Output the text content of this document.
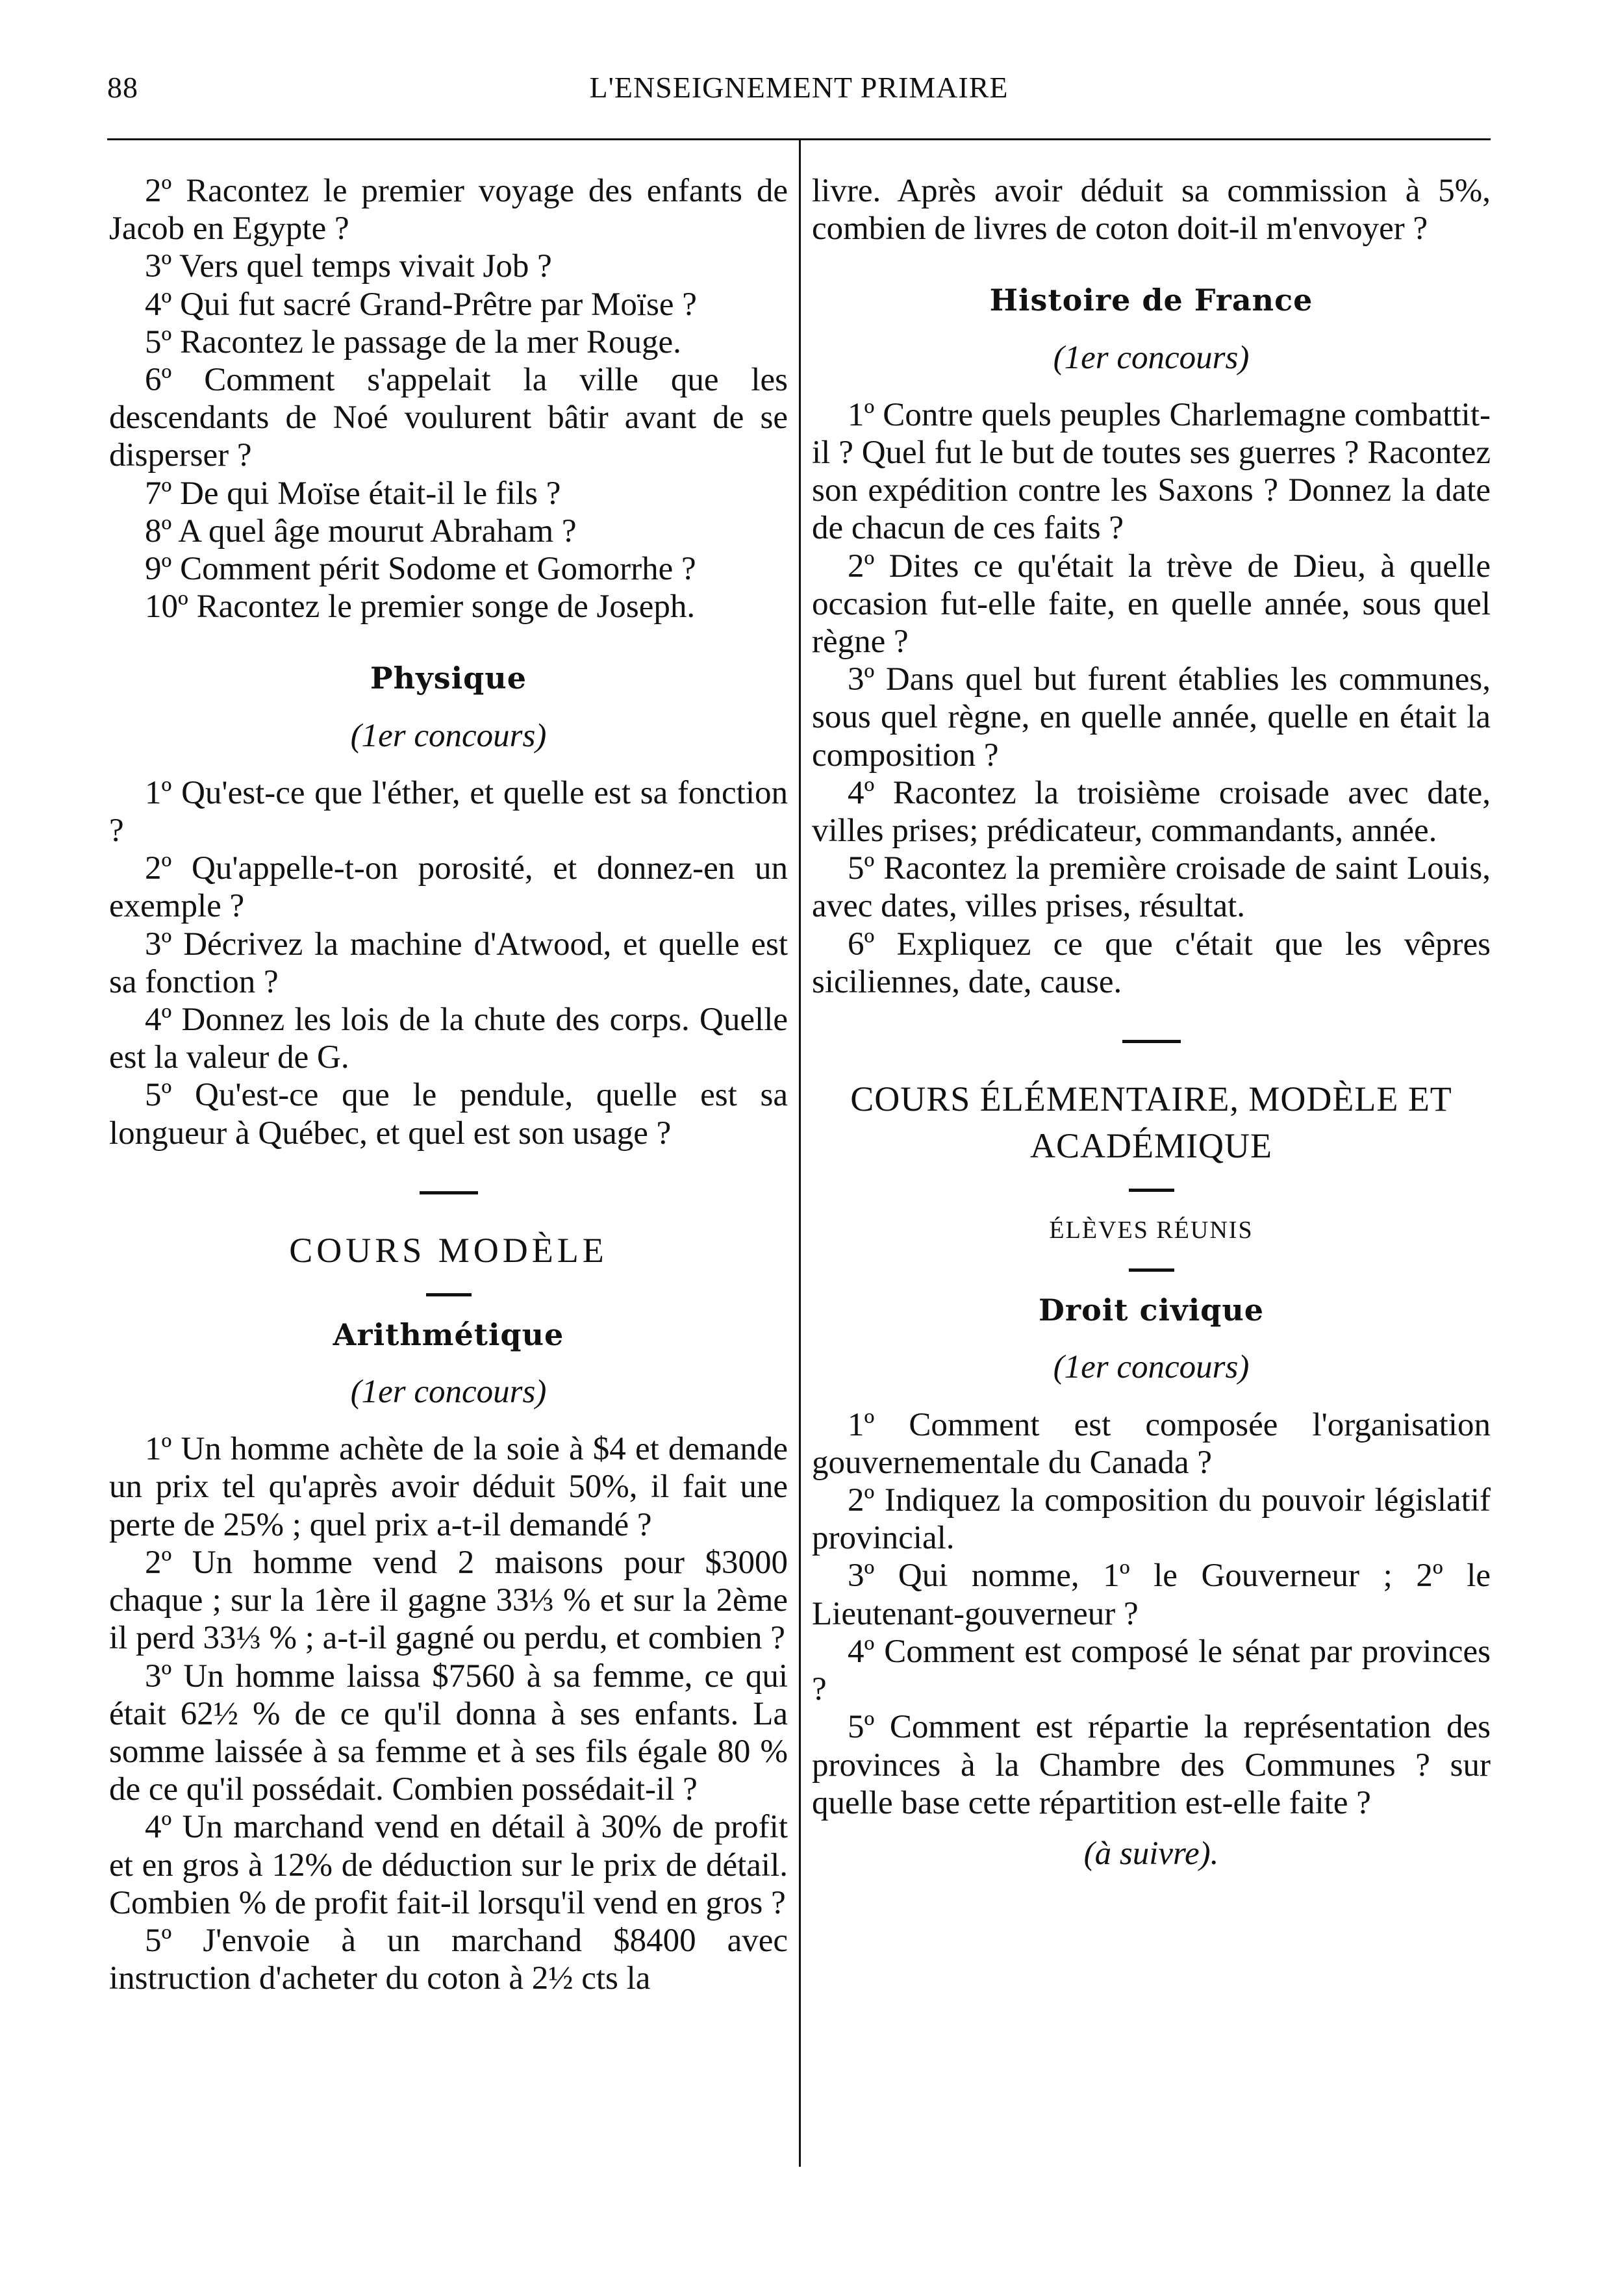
88	L'ENSEIGNEMENT PRIMAIRE

2º Racontez le premier voyage des enfants de Jacob en Egypte ?

3º Vers quel temps vivait Job ?

4º Qui fut sacré Grand-Prêtre par Moïse ?

5º Racontez le passage de la mer Rouge.

6º Comment s'appelait la ville que les descendants de Noé voulurent bâtir avant de se disperser ?

7º De qui Moïse était-il le fils ?

8º A quel âge mourut Abraham ?

9º Comment périt Sodome et Gomorrhe ?

10º Racontez le premier songe de Joseph.

Physique
(1er concours)

1º Qu'est-ce que l'éther, et quelle est sa fonction ?

2º Qu'appelle-t-on porosité, et donnez-en un exemple ?

3º Décrivez la machine d'Atwood, et quelle est sa fonction ?

4º Donnez les lois de la chute des corps. Quelle est la valeur de G.

5º Qu'est-ce que le pendule, quelle est sa longueur à Québec, et quel est son usage ?

COURS MODÈLE
Arithmétique
(1er concours)

1º Un homme achète de la soie à $4 et demande un prix tel qu'après avoir déduit 50%, il fait une perte de 25% ; quel prix a-t-il demandé ?

2º Un homme vend 2 maisons pour $3000 chaque ; sur la 1ère il gagne 33⅓ % et sur la 2ème il perd 33⅓ % ; a-t-il gagné ou perdu, et combien ?

3º Un homme laissa $7560 à sa femme, ce qui était 62½ % de ce qu'il donna à ses enfants. La somme laissée à sa femme et à ses fils égale 80 % de ce qu'il possédait. Combien possédait-il ?

4º Un marchand vend en détail à 30% de profit et en gros à 12% de déduction sur le prix de détail. Combien % de profit fait-il lorsqu'il vend en gros ?

5º J'envoie à un marchand $8400 avec instruction d'acheter du coton à 2½ cts la

livre. Après avoir déduit sa commission à 5%, combien de livres de coton doit-il m'envoyer ?

Histoire de France
(1er concours)

1º Contre quels peuples Charlemagne combattit-il ? Quel fut le but de toutes ses guerres ? Racontez son expédition contre les Saxons ? Donnez la date de chacun de ces faits ?

2º Dites ce qu'était la trève de Dieu, à quelle occasion fut-elle faite, en quelle année, sous quel règne ?

3º Dans quel but furent établies les communes, sous quel règne, en quelle année, quelle en était la composition ?

4º Racontez la troisième croisade avec date, villes prises; prédicateur, commandants, année.

5º Racontez la première croisade de saint Louis, avec dates, villes prises, résultat.

6º Expliquez ce que c'était que les vêpres siciliennes, date, cause.

COURS ÉLÉMENTAIRE, MODÈLE ET
ACADÉMIQUE
ÉLÈVES RÉUNIS
Droit civique
(1er concours)

1º Comment est composée l'organisation gouvernementale du Canada ?

2º Indiquez la composition du pouvoir législatif provincial.

3º Qui nomme, 1º le Gouverneur ; 2º le Lieutenant-gouverneur ?

4º Comment est composé le sénat par provinces ?

5º Comment est répartie la représentation des provinces à la Chambre des Communes ? sur quelle base cette répartition est-elle faite ?

(à suivre).
